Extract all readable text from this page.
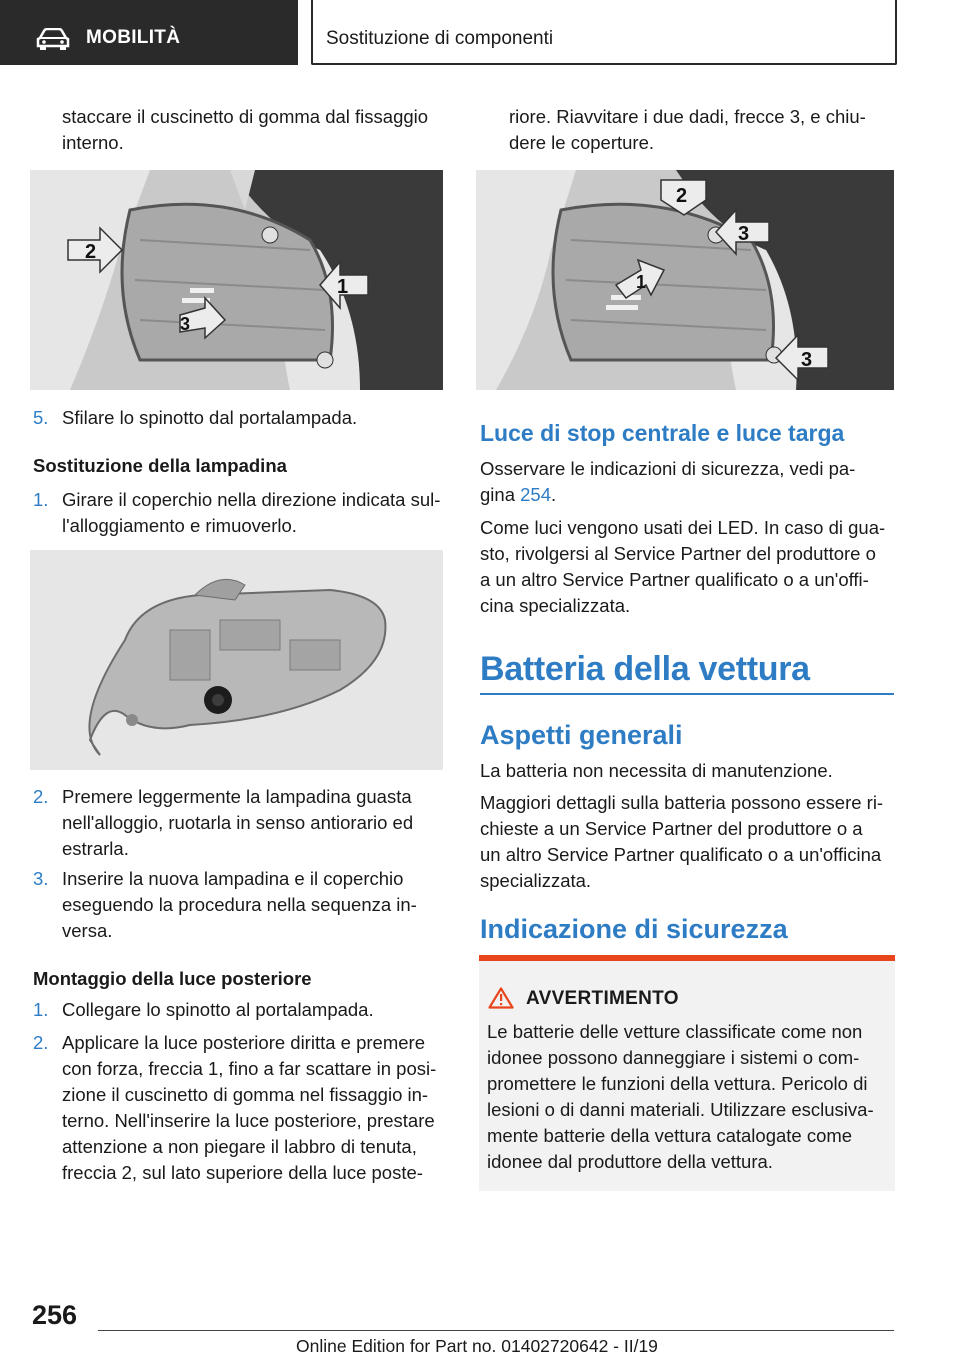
MOBILITÀ	Sostituzione di componenti
staccare il cuscinetto di gomma dal fissaggio
interno.
2
1
3
5. Sfilare lo spinotto dal portalampada.
Sostituzione della lampadina
1. Girare il coperchio nella direzione indicata sul-
l'alloggiamento e rimuoverlo.
2. Premere leggermente la lampadina guasta
nell'alloggio, ruotarla in senso antiorario ed
estrarla.
3. Inserire la nuova lampadina e il coperchio
eseguendo la procedura nella sequenza in-
versa.
Montaggio della luce posteriore
1. Collegare lo spinotto al portalampada.
2. Applicare la luce posteriore diritta e premere
con forza, freccia 1, fino a far scattare in posi-
zione il cuscinetto di gomma nel fissaggio in-
terno. Nell'inserire la luce posteriore, prestare
attenzione a non piegare il labbro di tenuta,
freccia 2, sul lato superiore della luce poste-
riore. Riavvitare i due dadi, frecce 3, e chiu-
dere le coperture.
2
3
1
3
Luce di stop centrale e luce targa
Osservare le indicazioni di sicurezza, vedi pa-
gina 254.
Come luci vengono usati dei LED. In caso di gua-
sto, rivolgersi al Service Partner del produttore o
a un altro Service Partner qualificato o a un'offi-
cina specializzata.
Batteria della vettura
Aspetti generali
La batteria non necessita di manutenzione.
Maggiori dettagli sulla batteria possono essere ri-
chieste a un Service Partner del produttore o a
un altro Service Partner qualificato o a un'officina
specializzata.
Indicazione di sicurezza
AVVERTIMENTO
Le batterie delle vetture classificate come non
idonee possono danneggiare i sistemi o com-
promettere le funzioni della vettura. Pericolo di
lesioni o di danni materiali. Utilizzare esclusiva-
mente batterie della vettura catalogate come
idonee dal produttore della vettura.
256
Online Edition for Part no. 01402720642 - II/19
